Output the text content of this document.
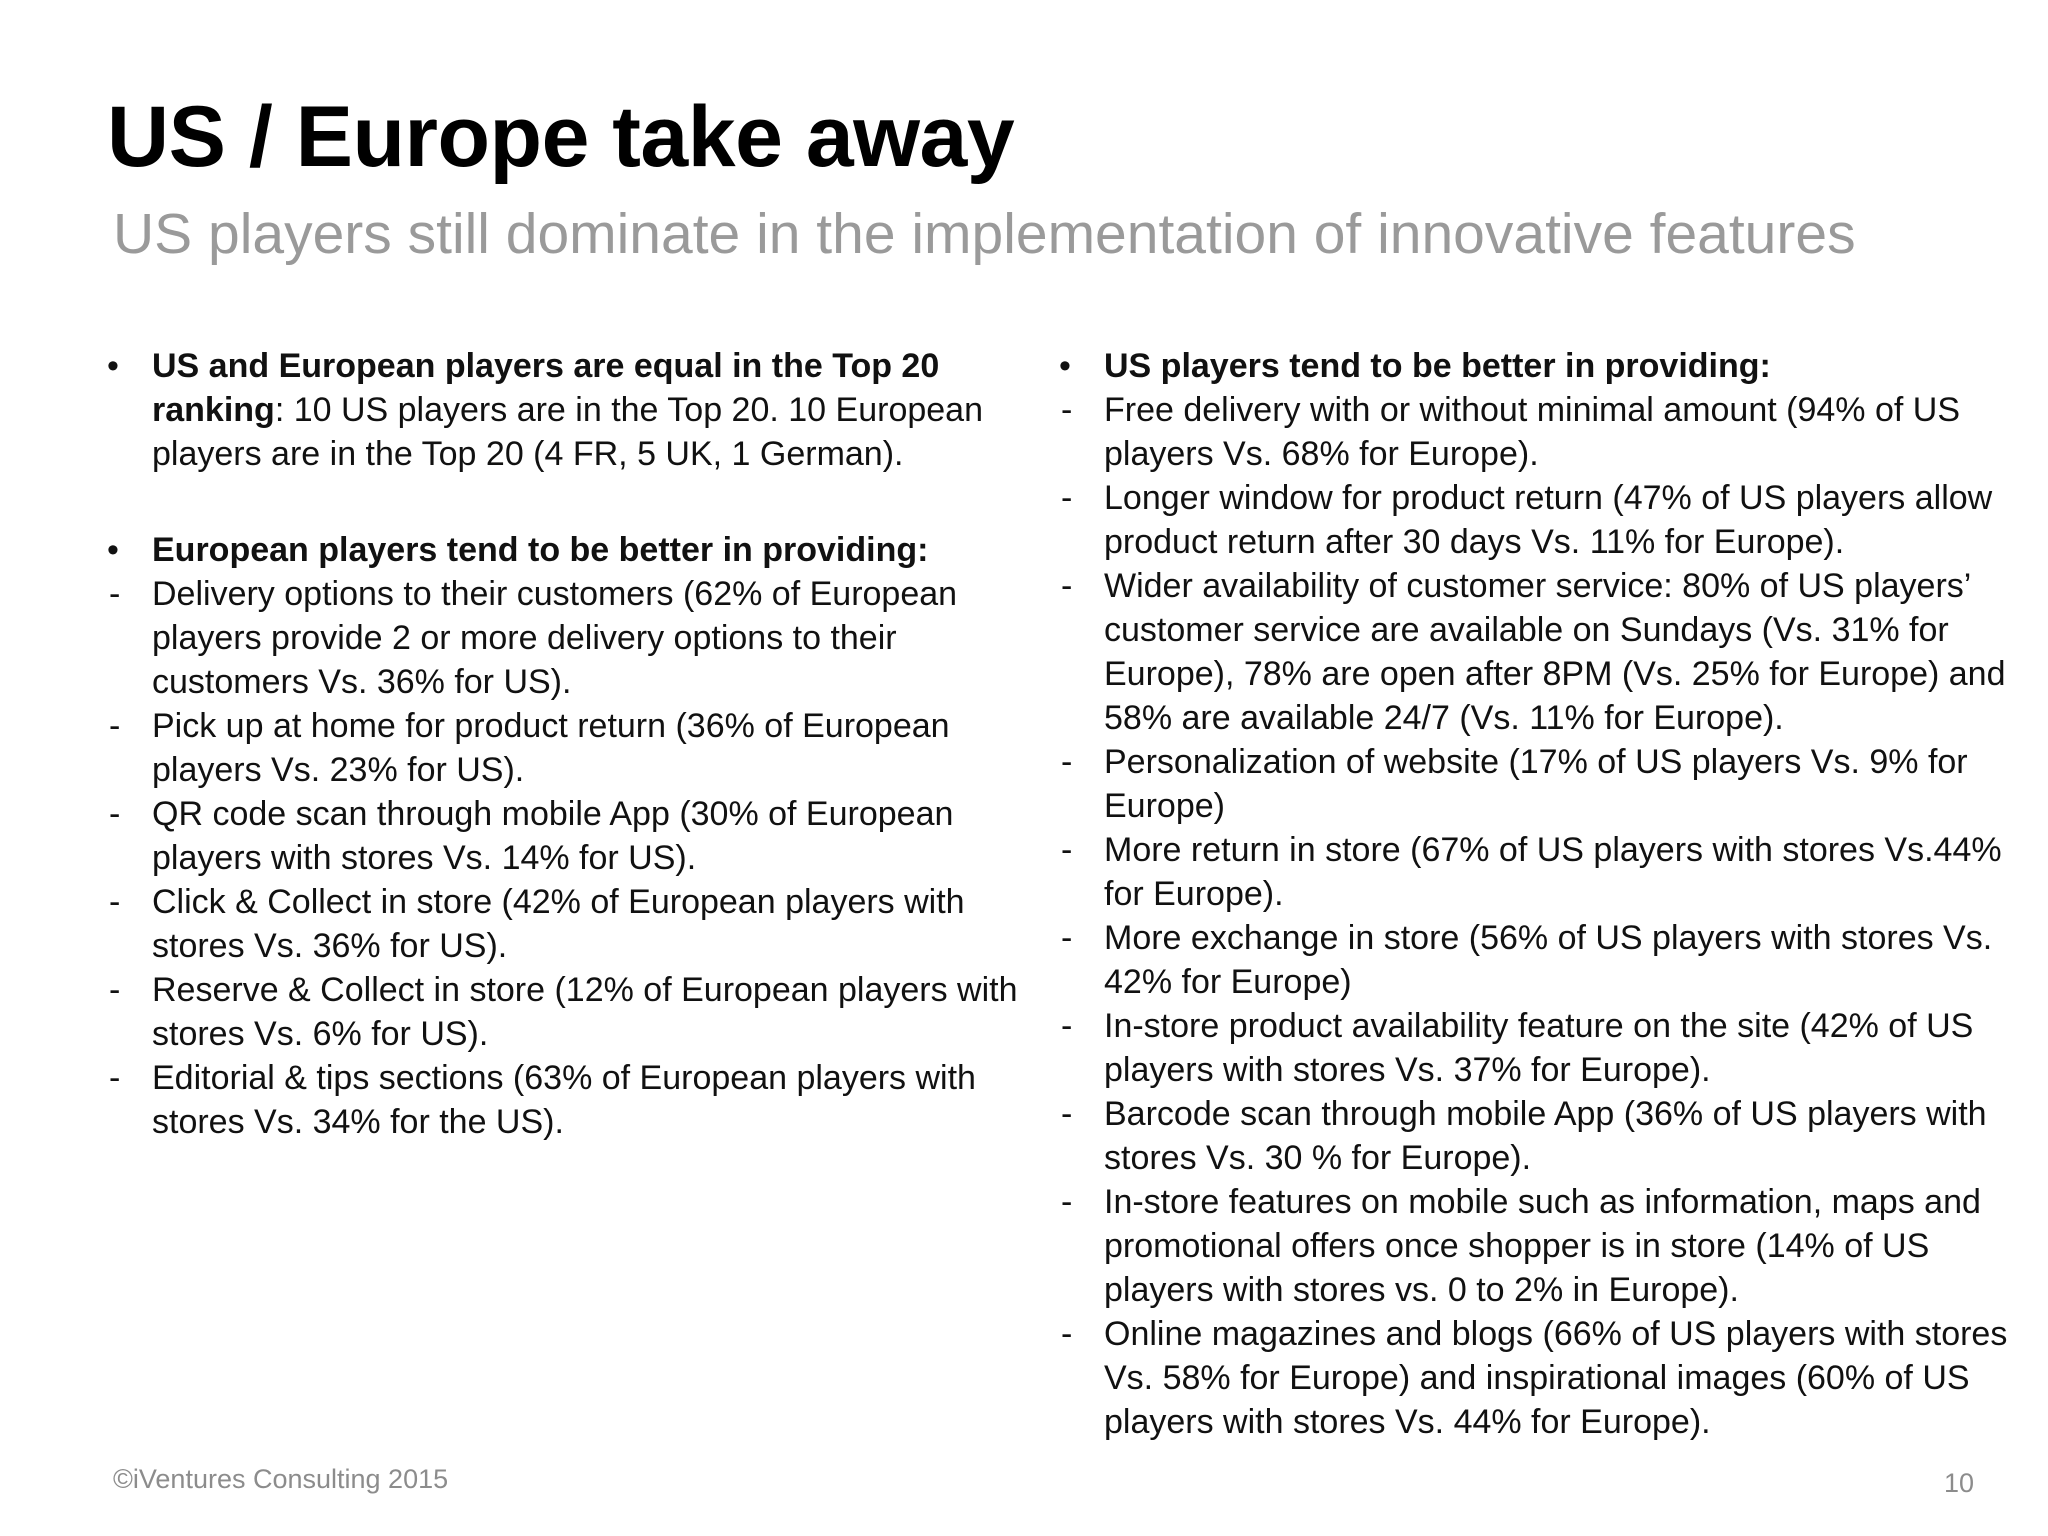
US / Europe take away
US players still dominate in the implementation of innovative features

• US and European players are equal in the Top 20 ranking: 10 US players are in the Top 20. 10 European players are in the Top 20 (4 FR, 5 UK, 1 German).

• European players tend to be better in providing:

- Delivery options to their customers (62% of European players provide 2 or more delivery options to their customers Vs. 36% for US).

- Pick up at home for product return (36% of European players Vs. 23% for US).

- QR code scan through mobile App (30% of European players with stores Vs. 14% for US).

- Click & Collect in store (42% of European players with stores Vs. 36% for US).

- Reserve & Collect in store (12% of European players with stores Vs. 6% for US).

- Editorial & tips sections (63% of European players with stores Vs. 34% for the US).

• US players tend to be better in providing:

- Free delivery with or without minimal amount (94% of US players Vs. 68% for Europe).

- Longer window for product return (47% of US players allow product return after 30 days Vs. 11% for Europe).

- Wider availability of customer service: 80% of US players’ customer service are available on Sundays (Vs. 31% for Europe), 78% are open after 8PM (Vs. 25% for Europe) and 58% are available 24/7 (Vs. 11% for Europe).

- Personalization of website (17% of US players Vs. 9% for Europe)

- More return in store (67% of US players with stores Vs.44% for Europe).

- More exchange in store (56% of US players with stores Vs. 42% for Europe)

- In-store product availability feature on the site (42% of US players with stores Vs. 37% for Europe).

- Barcode scan through mobile App (36% of US players with stores Vs. 30 % for Europe).

- In-store features on mobile such as information, maps and promotional offers once shopper is in store (14% of US players with stores vs. 0 to 2% in Europe).

- Online magazines and blogs (66% of US players with stores Vs. 58% for Europe) and inspirational images (60% of US players with stores Vs. 44% for Europe).

©iVentures Consulting 2015	10
